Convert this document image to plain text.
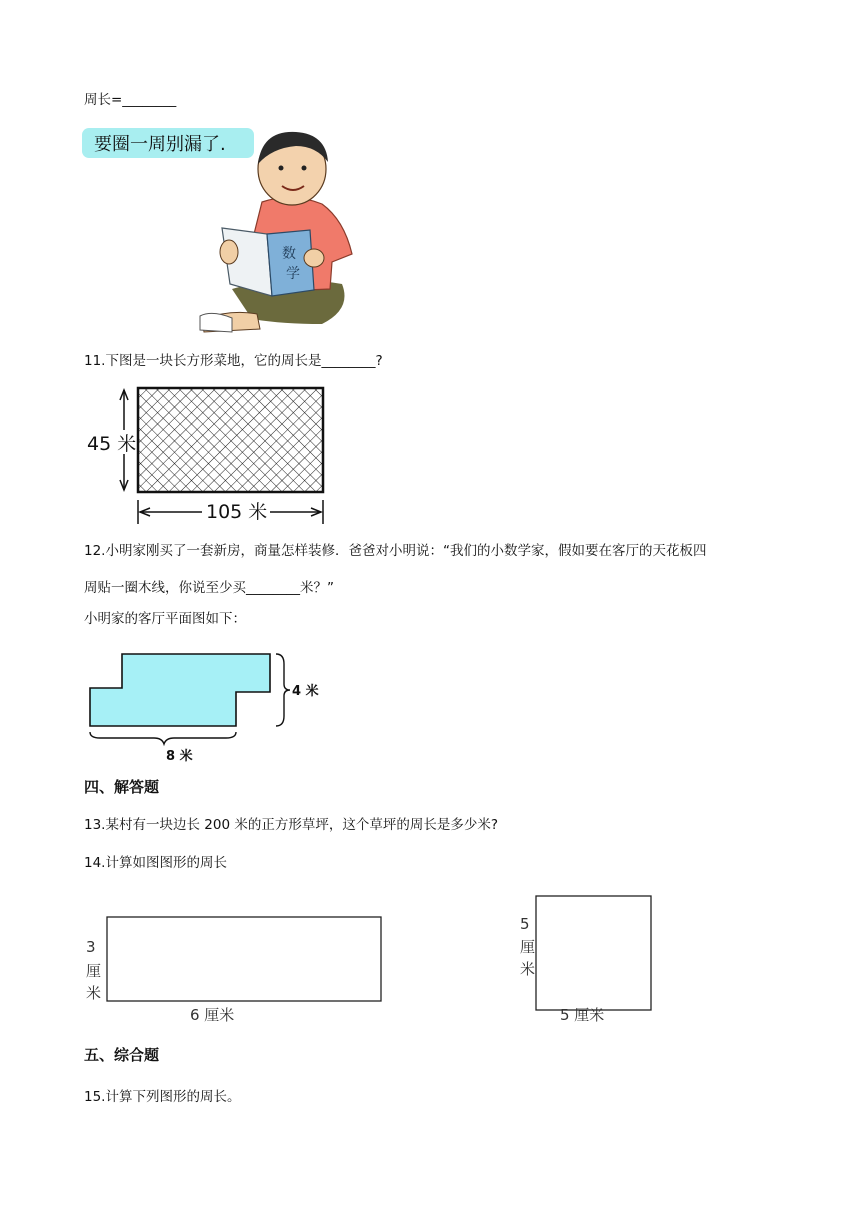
周长=________
要圈一周别漏了.
数
学
11.下图是一块长方形菜地，它的周长是________?
45 米
105 米
12.小明家刚买了一套新房，商量怎样装修．爸爸对小明说：“我们的小数学家，假如要在客厅的天花板四
周贴一圈木线，你说至少买________米？”
小明家的客厅平面图如下：
4 米
8 米
四、解答题
13.某村有一块边长 200 米的正方形草坪，这个草坪的周长是多少米?
14.计算如图图形的周长
3
厘
米
6 厘米
5
厘
米
5 厘米
五、综合题
15.计算下列图形的周长。
